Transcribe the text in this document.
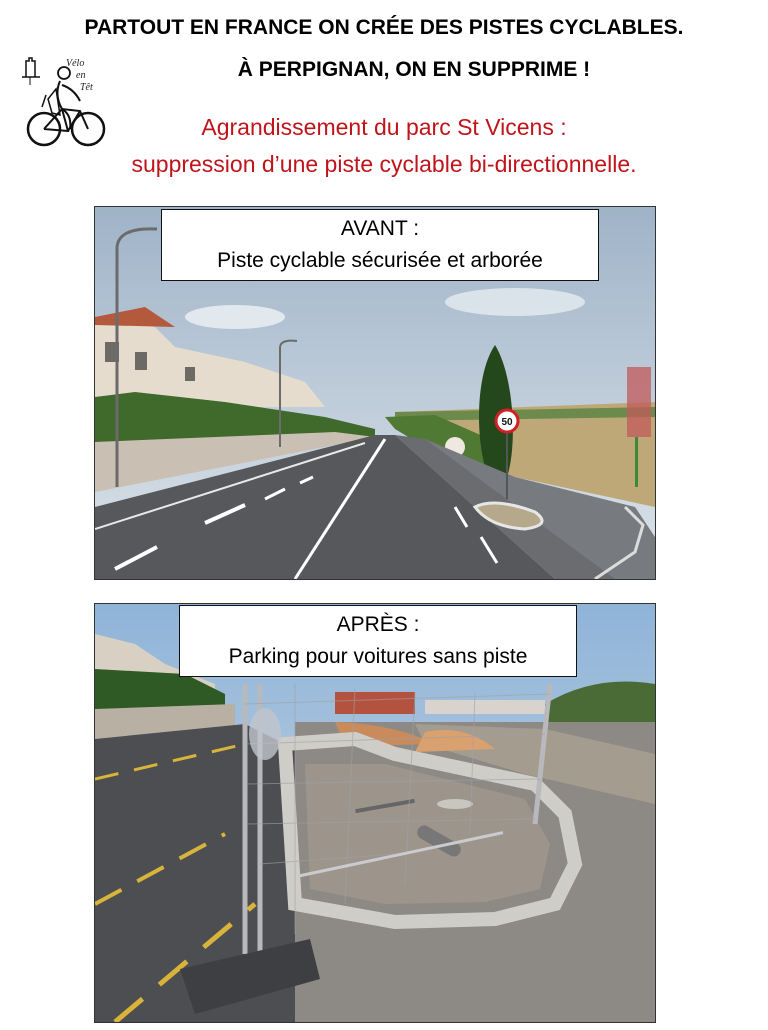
PARTOUT EN FRANCE ON CRÉE DES PISTES CYCLABLES.
À PERPIGNAN, ON EN SUPPRIME !
Vélo
en
Têt

Agrandissement du parc St Vicens :

suppression d’une piste cyclable bi-directionnelle.

50
AVANT :
Piste cyclable sécurisée et arborée
APRÈS :
Parking pour voitures sans piste
